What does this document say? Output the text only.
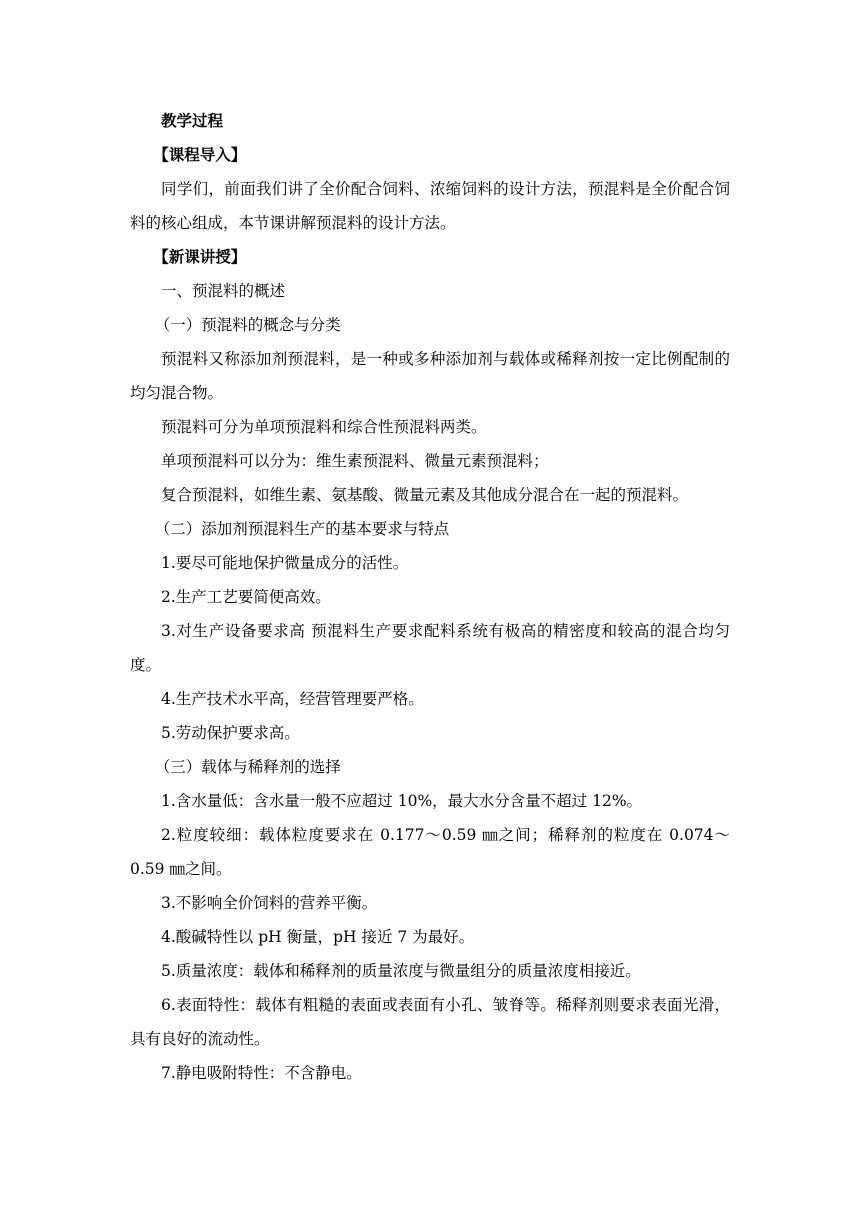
教学过程

【课程导入】

同学们，前面我们讲了全价配合饲料、浓缩饲料的设计方法，预混料是全价配合饲料的核心组成，本节课讲解预混料的设计方法。

【新课讲授】

一、预混料的概述

（一）预混料的概念与分类

预混料又称添加剂预混料，是一种或多种添加剂与载体或稀释剂按一定比例配制的均匀混合物。

预混料可分为单项预混料和综合性预混料两类。

单项预混料可以分为：维生素预混料、微量元素预混料；

复合预混料，如维生素、氨基酸、微量元素及其他成分混合在一起的预混料。

（二）添加剂预混料生产的基本要求与特点

1.要尽可能地保护微量成分的活性。

2.生产工艺要简便高效。

3.对生产设备要求高 预混料生产要求配料系统有极高的精密度和较高的混合均匀度。

4.生产技术水平高，经营管理要严格。

5.劳动保护要求高。

（三）载体与稀释剂的选择

1.含水量低：含水量一般不应超过 10%，最大水分含量不超过 12%。

2.粒度较细：载体粒度要求在 0.177～0.59 ㎜之间；稀释剂的粒度在 0.074～0.59 ㎜之间。

3.不影响全价饲料的营养平衡。

4.酸碱特性以 pH 衡量，pH 接近 7 为最好。

5.质量浓度：载体和稀释剂的质量浓度与微量组分的质量浓度相接近。

6.表面特性：载体有粗糙的表面或表面有小孔、皱脊等。稀释剂则要求表面光滑，具有良好的流动性。

7.静电吸附特性：不含静电。
